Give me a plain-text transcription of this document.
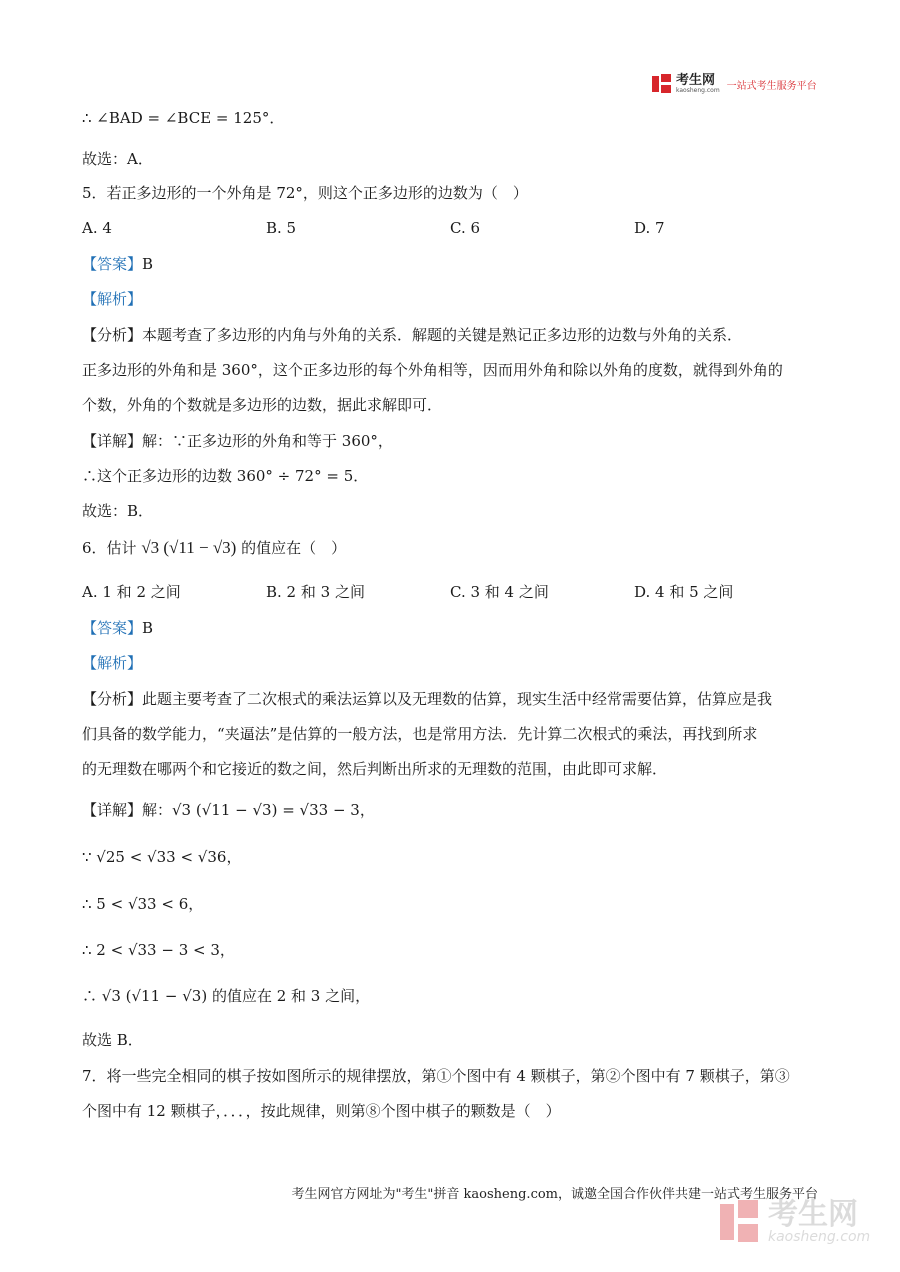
考生网
kaosheng.com 一站式考生服务平台
∴ ∠BAD = ∠BCE = 125°．
故选：A．
5．若正多边形的一个外角是 72°，则这个正多边形的边数为（　）
A. 4	B. 5	C. 6	D. 7
【答案】B
【解析】
【分析】本题考查了多边形的内角与外角的关系．解题的关键是熟记正多边形的边数与外角的关系．
正多边形的外角和是 360°，这个正多边形的每个外角相等，因而用外角和除以外角的度数，就得到外角的
个数，外角的个数就是多边形的边数，据此求解即可．
【详解】解：∵正多边形的外角和等于 360°，
∴这个正多边形的边数 360° ÷ 72° = 5．
故选：B．
6．估计 √3 (√11 − √3) 的值应在（　）
A. 1 和 2 之间	B. 2 和 3 之间	C. 3 和 4 之间	D. 4 和 5 之间
【答案】B
【解析】
【分析】此题主要考查了二次根式的乘法运算以及无理数的估算，现实生活中经常需要估算，估算应是我
们具备的数学能力，“夹逼法”是估算的一般方法，也是常用方法．先计算二次根式的乘法，再找到所求
的无理数在哪两个和它接近的数之间，然后判断出所求的无理数的范围，由此即可求解．
【详解】解：√3 (√11 − √3) = √33 − 3，
∵ √25 < √33 < √36，
∴ 5 < √33 < 6，
∴ 2 < √33 − 3 < 3，
∴ √3 (√11 − √3) 的值应在 2 和 3 之间，
故选 B．
7．将一些完全相同的棋子按如图所示的规律摆放，第①个图中有 4 颗棋子，第②个图中有 7 颗棋子，第③
个图中有 12 颗棋子，．．．，按此规律，则第⑧个图中棋子的颗数是（　）
考生网官方网址为"考生"拼音 kaosheng.com，诚邀全国合作伙伴共建一站式考生服务平台
考生网
kaosheng.com
